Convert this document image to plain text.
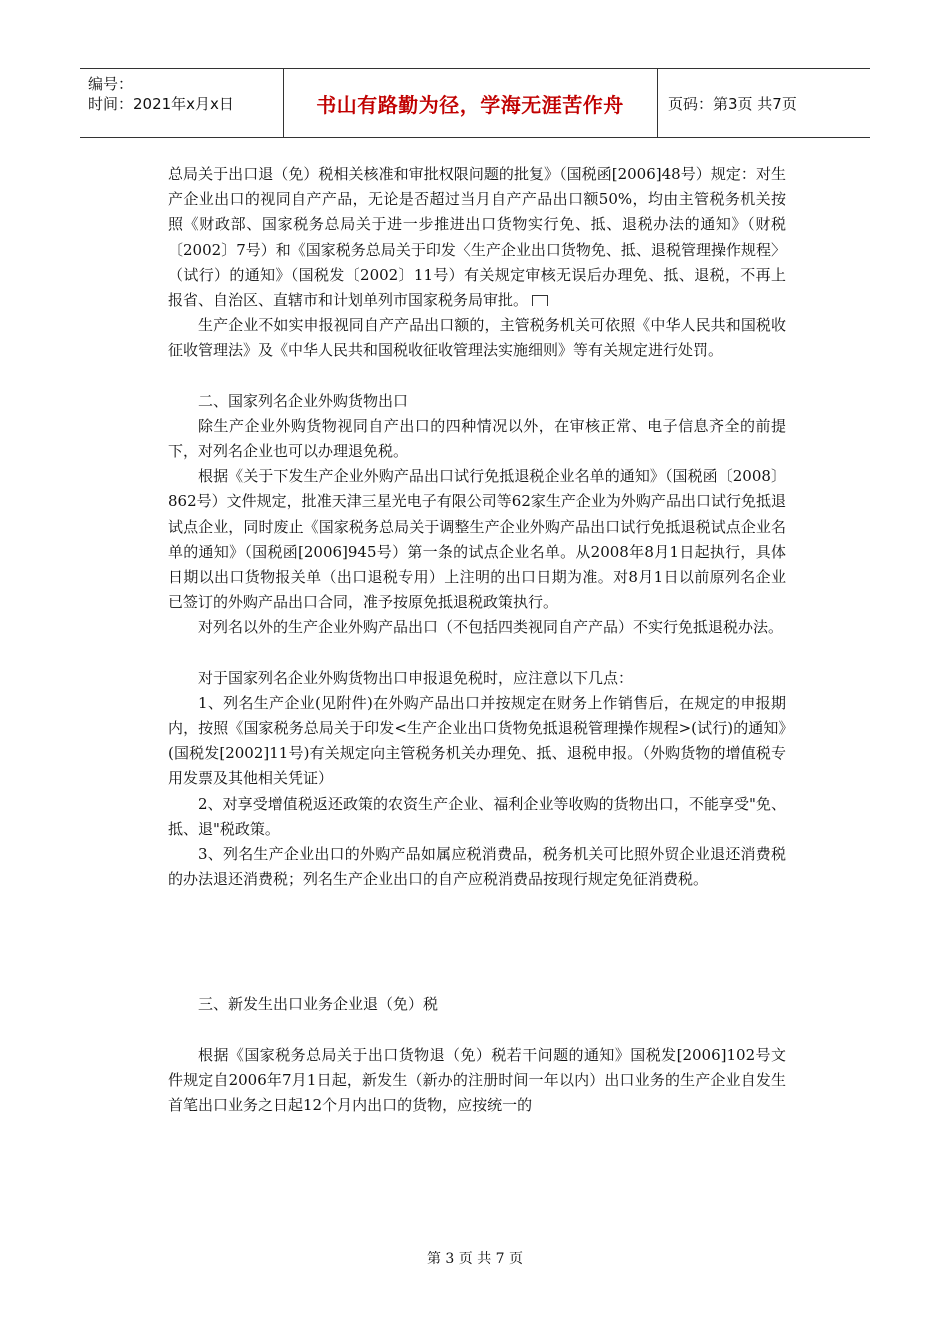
编号：
时间：2021年x月x日	书山有路勤为径，学海无涯苦作舟	页码：第3页 共7页

总局关于出口退（免）税相关核准和审批权限问题的批复》（国税函[2006]48号）规定：对生产企业出口的视同自产产品，无论是否超过当月自产产品出口额50%，均由主管税务机关按照《财政部、国家税务总局关于进一步推进出口货物实行免、抵、退税办法的通知》（财税〔2002〕7号）和《国家税务总局关于印发〈生产企业出口货物免、抵、退税管理操作规程〉（试行）的通知》（国税发〔2002〕11号）有关规定审核无误后办理免、抵、退税，不再上报省、自治区、直辖市和计划单列市国家税务局审批。

生产企业不如实申报视同自产产品出口额的，主管税务机关可依照《中华人民共和国税收征收管理法》及《中华人民共和国税收征收管理法实施细则》等有关规定进行处罚。

二、国家列名企业外购货物出口

除生产企业外购货物视同自产出口的四种情况以外，在审核正常、电子信息齐全的前提下，对列名企业也可以办理退免税。

根据《关于下发生产企业外购产品出口试行免抵退税企业名单的通知》（国税函〔2008〕862号）文件规定，批准天津三星光电子有限公司等62家生产企业为外购产品出口试行免抵退试点企业，同时废止《国家税务总局关于调整生产企业外购产品出口试行免抵退税试点企业名单的通知》（国税函[2006]945号）第一条的试点企业名单。从2008年8月1日起执行，具体日期以出口货物报关单（出口退税专用）上注明的出口日期为准。对8月1日以前原列名企业已签订的外购产品出口合同，准予按原免抵退税政策执行。

对列名以外的生产企业外购产品出口（不包括四类视同自产产品）不实行免抵退税办法。

对于国家列名企业外购货物出口申报退免税时，应注意以下几点：

1、列名生产企业(见附件)在外购产品出口并按规定在财务上作销售后，在规定的申报期内，按照《国家税务总局关于印发<生产企业出口货物免抵退税管理操作规程>(试行)的通知》(国税发[2002]11号)有关规定向主管税务机关办理免、抵、退税申报。（外购货物的增值税专用发票及其他相关凭证）

2、对享受增值税返还政策的农资生产企业、福利企业等收购的货物出口，不能享受"免、抵、退"税政策。

3、列名生产企业出口的外购产品如属应税消费品，税务机关可比照外贸企业退还消费税的办法退还消费税；列名生产企业出口的自产应税消费品按现行规定免征消费税。

三、新发生出口业务企业退（免）税

根据《国家税务总局关于出口货物退（免）税若干问题的通知》国税发[2006]102号文件规定自2006年7月1日起，新发生（新办的注册时间一年以内）出口业务的生产企业自发生首笔出口业务之日起12个月内出口的货物，应按统一的

第 3 页 共 7 页
